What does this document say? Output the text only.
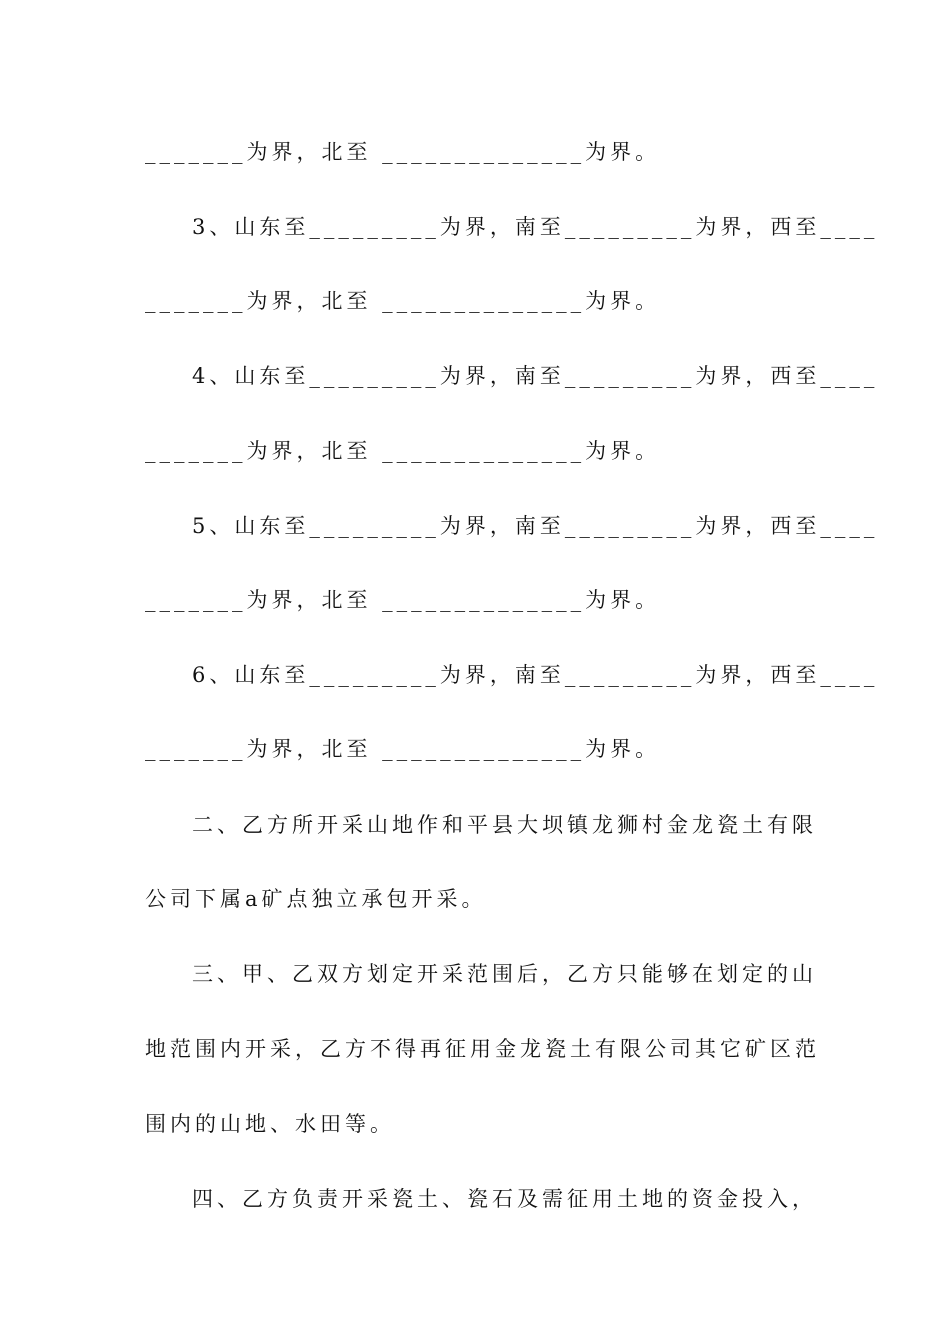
_______为界，北至 ______________为界。
3、山东至_________为界，南至_________为界，西至____
_______为界，北至 ______________为界。
4、山东至_________为界，南至_________为界，西至____
_______为界，北至 ______________为界。
5、山东至_________为界，南至_________为界，西至____
_______为界，北至 ______________为界。
6、山东至_________为界，南至_________为界，西至____
_______为界，北至 ______________为界。
二、乙方所开采山地作和平县大坝镇龙狮村金龙瓷土有限
公司下属a矿点独立承包开采。
三、甲、乙双方划定开采范围后，乙方只能够在划定的山
地范围内开采，乙方不得再征用金龙瓷土有限公司其它矿区范
围内的山地、水田等。
四、乙方负责开采瓷土、瓷石及需征用土地的资金投入，
